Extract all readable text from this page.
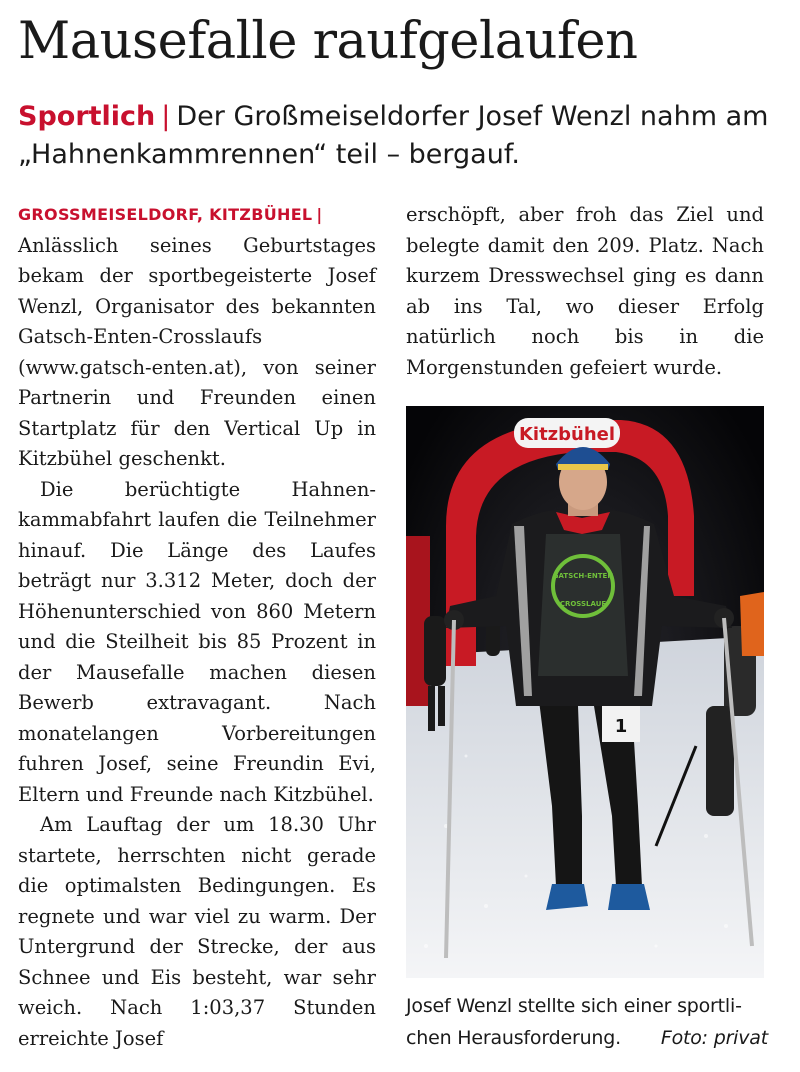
Mausefalle raufgelaufen
Sportlich | Der Großmeiseldorfer Josef Wenzl nahm am „Hahnenkammrennen“ teil – bergauf.
GROSSMEISELDORF, KITZBÜHEL |

Anlässlich seines Geburtstages bekam der sportbegeisterte Josef Wenzl, Organisator des bekannten Gatsch-Enten-Crosslaufs (www.gatsch-enten.at), von seiner Partnerin und Freunden einen Startplatz für den Vertical Up in Kitzbühel geschenkt.

Die berüchtigte Hahnenkammabfahrt laufen die Teilnehmer hinauf. Die Länge des Laufes beträgt nur 3.312 Meter, doch der Höhenunterschied von 860 Metern und die Steilheit bis 85 Prozent in der Mausefalle machen diesen Bewerb extravagant. Nach monatelangen Vorbereitungen fuhren Josef, seine Freundin Evi, Eltern und Freunde nach Kitzbühel.

Am Lauftag der um 18.30 Uhr startete, herrschten nicht gerade die optimalsten Bedingungen. Es regnete und war viel zu warm. Der Untergrund der Strecke, der aus Schnee und Eis besteht, war sehr weich. Nach 1:03,37 Stunden erreichte Josef

erschöpft, aber froh das Ziel und belegte damit den 209. Platz. Nach kurzem Dresswechsel ging es dann ab ins Tal, wo dieser Erfolg natürlich noch bis in die Morgenstunden gefeiert wurde.

Kitzbühel
GATSCH-ENTEN
CROSSLAUF
1

Josef Wenzl stellte sich einer sportlichen Herausforderung. Foto: privat
